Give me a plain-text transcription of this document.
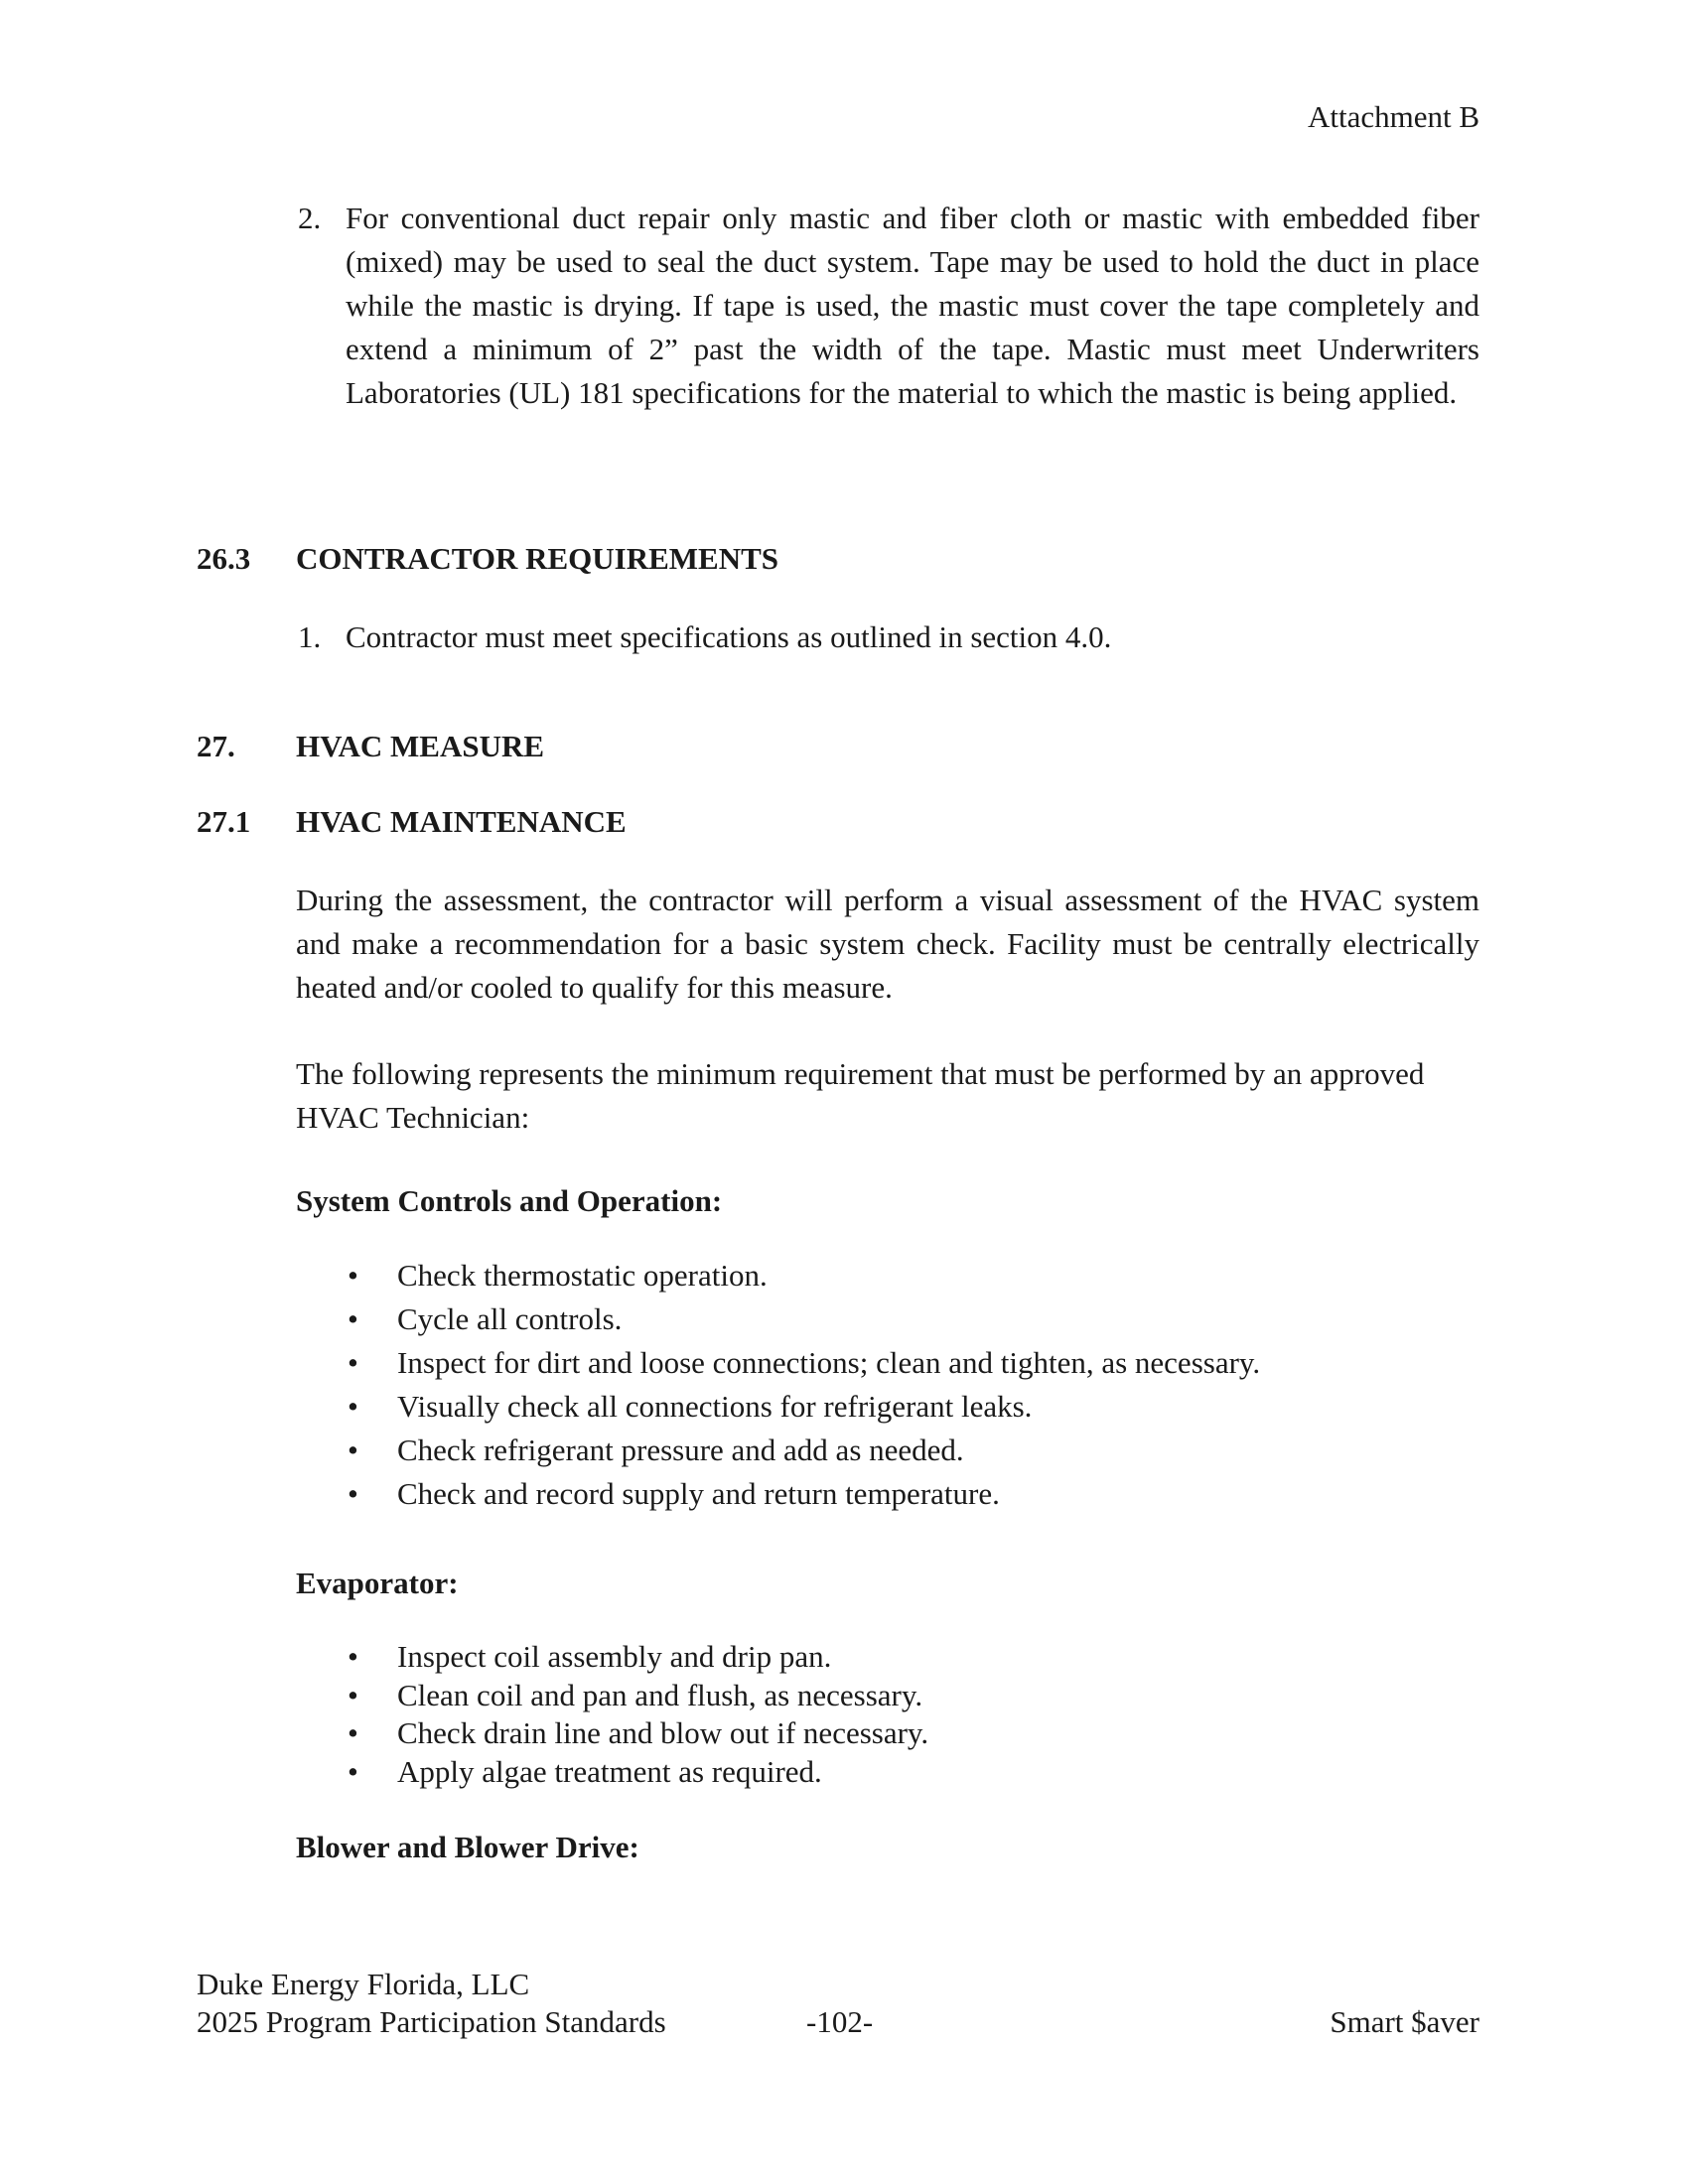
Attachment B
2. For conventional duct repair only mastic and fiber cloth or mastic with embedded fiber (mixed) may be used to seal the duct system. Tape may be used to hold the duct in place while the mastic is drying. If tape is used, the mastic must cover the tape completely and extend a minimum of 2” past the width of the tape. Mastic must meet Underwriters Laboratories (UL) 181 specifications for the material to which the mastic is being applied.
26.3 CONTRACTOR REQUIREMENTS
1. Contractor must meet specifications as outlined in section 4.0.
27. HVAC MEASURE
27.1 HVAC MAINTENANCE
During the assessment, the contractor will perform a visual assessment of the HVAC system and make a recommendation for a basic system check. Facility must be centrally electrically heated and/or cooled to qualify for this measure.
The following represents the minimum requirement that must be performed by an approved HVAC Technician:
System Controls and Operation:
• Check thermostatic operation.
• Cycle all controls.
• Inspect for dirt and loose connections; clean and tighten, as necessary.
• Visually check all connections for refrigerant leaks.
• Check refrigerant pressure and add as needed.
• Check and record supply and return temperature.
Evaporator:
• Inspect coil assembly and drip pan.
• Clean coil and pan and flush, as necessary.
• Check drain line and blow out if necessary.
• Apply algae treatment as required.
Blower and Blower Drive:
Duke Energy Florida, LLC
2025 Program Participation Standards	-102-	Smart $aver
